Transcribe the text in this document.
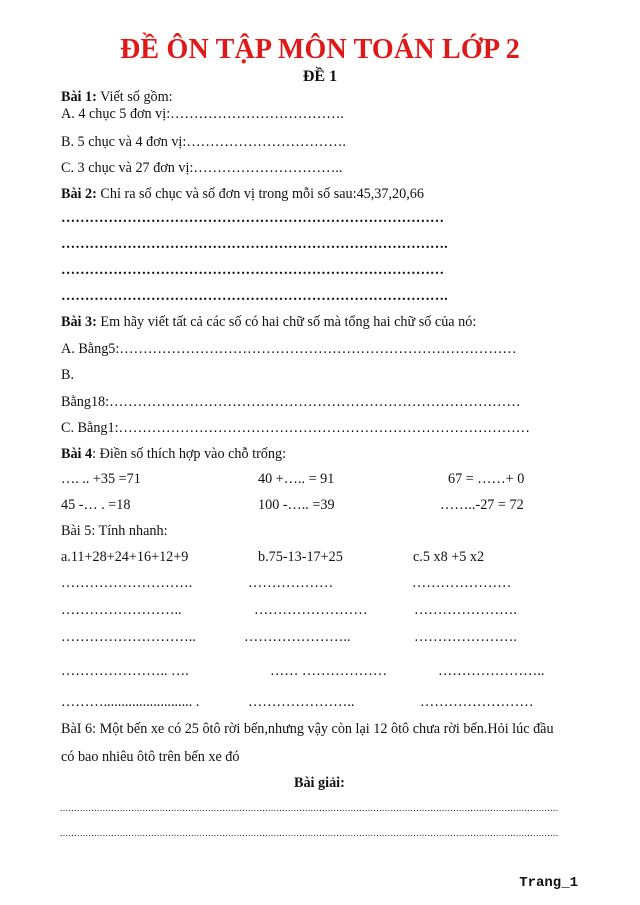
ĐỀ ÔN TẬP MÔN TOÁN LỚP 2
ĐỀ 1
Bài 1: Viết số gồm:
A. 4 chục 5 đơn vị:……………………………….
B. 5 chục và 4 đơn vị:…………………………….
C. 3 chục và 27 đơn vị:…………………………..
Bài 2: Chỉ ra số chục và số đơn vị trong mỗi số sau:45,37,20,66
………………………………………………………………………
……………………………………………………………………….
………………………………………………………………………
……………………………………………………………………….
Bài 3: Em hãy viết tất cả các số có hai chữ số mà tổng hai chữ số của nó:
A. Bằng5:…………………………………………………………………………
B.
Bằng18:……………………………………………………………………………
C. Bằng1:……………………………………………………………………………
Bài 4: Điền số thích hợp vào chỗ trống:
…. .. +35 =71	40 +….. = 91	67 = ……+ 0
45 -… . =18	100 -….. =39	……..-27 = 72
Bài 5: Tính nhanh:
a.11+28+24+16+12+9	b.75-13-17+25	c.5 x8 +5 x2
……………………….	………………	…………………
……………………..	……………………	………………….
………………………..	…………………..	………………….
………………….. ….	…… ………………	…………………..
………......................... .	…………………..	……………………
BàI 6: Một bến xe có 25 ôtô rời bến,nhưng vậy còn lại 12 ôtô chưa rời bến.Hỏi lúc đầu
có bao nhiêu ôtô trên bến xe đó
Bài giải:
...............................................................................................................................................................................
...............................................................................................................................................................................
Trang_1
